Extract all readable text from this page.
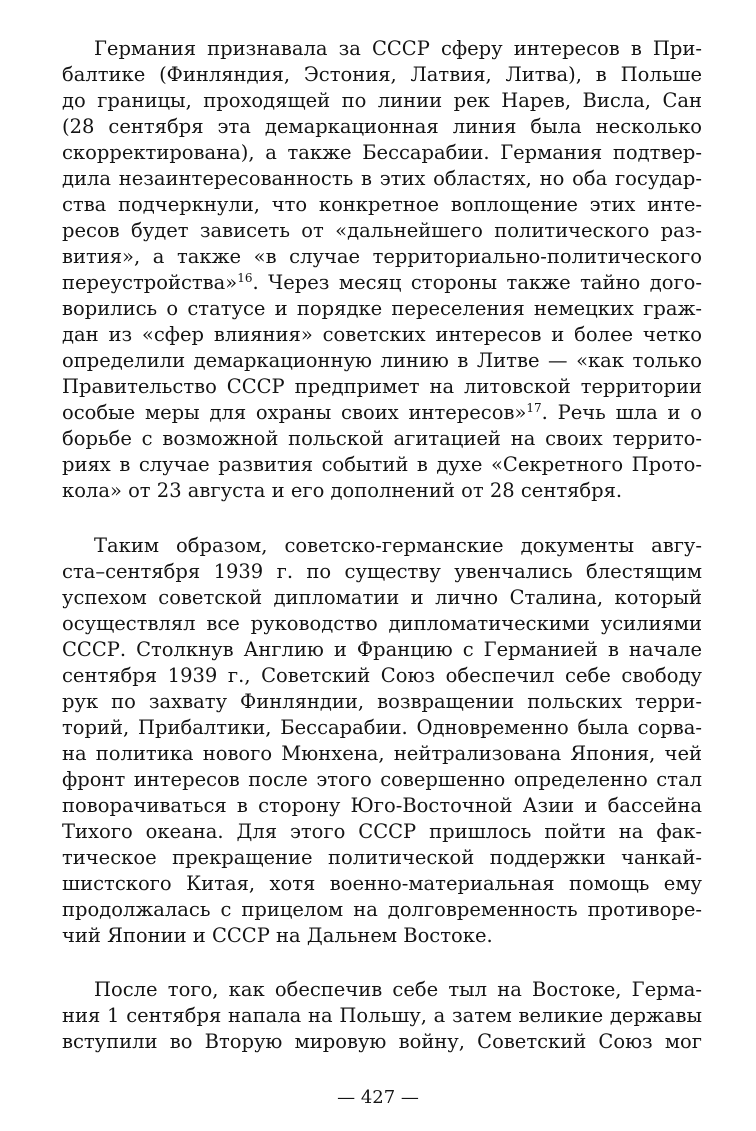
Германия признавала за СССР сферу интересов в При-
балтике (Финляндия, Эстония, Латвия, Литва), в Польше
до границы, проходящей по линии рек Нарев, Висла, Сан
(28 сентября эта демаркационная линия была несколько
скорректирована), а также Бессарабии. Германия подтвер-
дила незаинтересованность в этих областях, но оба государ-
ства подчеркнули, что конкретное воплощение этих инте-
ресов будет зависеть от «дальнейшего политического раз-
вития», а также «в случае территориально-политического
переустройства»$^{16}$. Через месяц стороны также тайно дого-
ворились о статусе и порядке переселения немецких граж-
дан из «сфер влияния» советских интересов и более четко
определили демаркационную линию в Литве — «как только
Правительство СССР предпримет на литовской территории
особые меры для охраны своих интересов»$^{17}$. Речь шла и о
борьбе с возможной польской агитацией на своих террито-
риях в случае развития событий в духе «Секретного Прото-
кола» от 23 августа и его дополнений от 28 сентября.
Таким образом, советско-германские документы авгу-
ста–сентября 1939 г. по существу увенчались блестящим
успехом советской дипломатии и лично Сталина, который
осуществлял все руководство дипломатическими усилиями
СССР. Столкнув Англию и Францию с Германией в начале
сентября 1939 г., Советский Союз обеспечил себе свободу
рук по захвату Финляндии, возвращении польских терри-
торий, Прибалтики, Бессарабии. Одновременно была сорва-
на политика нового Мюнхена, нейтрализована Япония, чей
фронт интересов после этого совершенно определенно стал
поворачиваться в сторону Юго-Восточной Азии и бассейна
Тихого океана. Для этого СССР пришлось пойти на фак-
тическое прекращение политической поддержки чанкай-
шистского Китая, хотя военно-материальная помощь ему
продолжалась с прицелом на долговременность противоре-
чий Японии и СССР на Дальнем Востоке.
После того, как обеспечив себе тыл на Востоке, Герма-
ния 1 сентября напала на Польшу, а затем великие державы
вступили во Вторую мировую войну, Советский Союз мог
— 427 —
